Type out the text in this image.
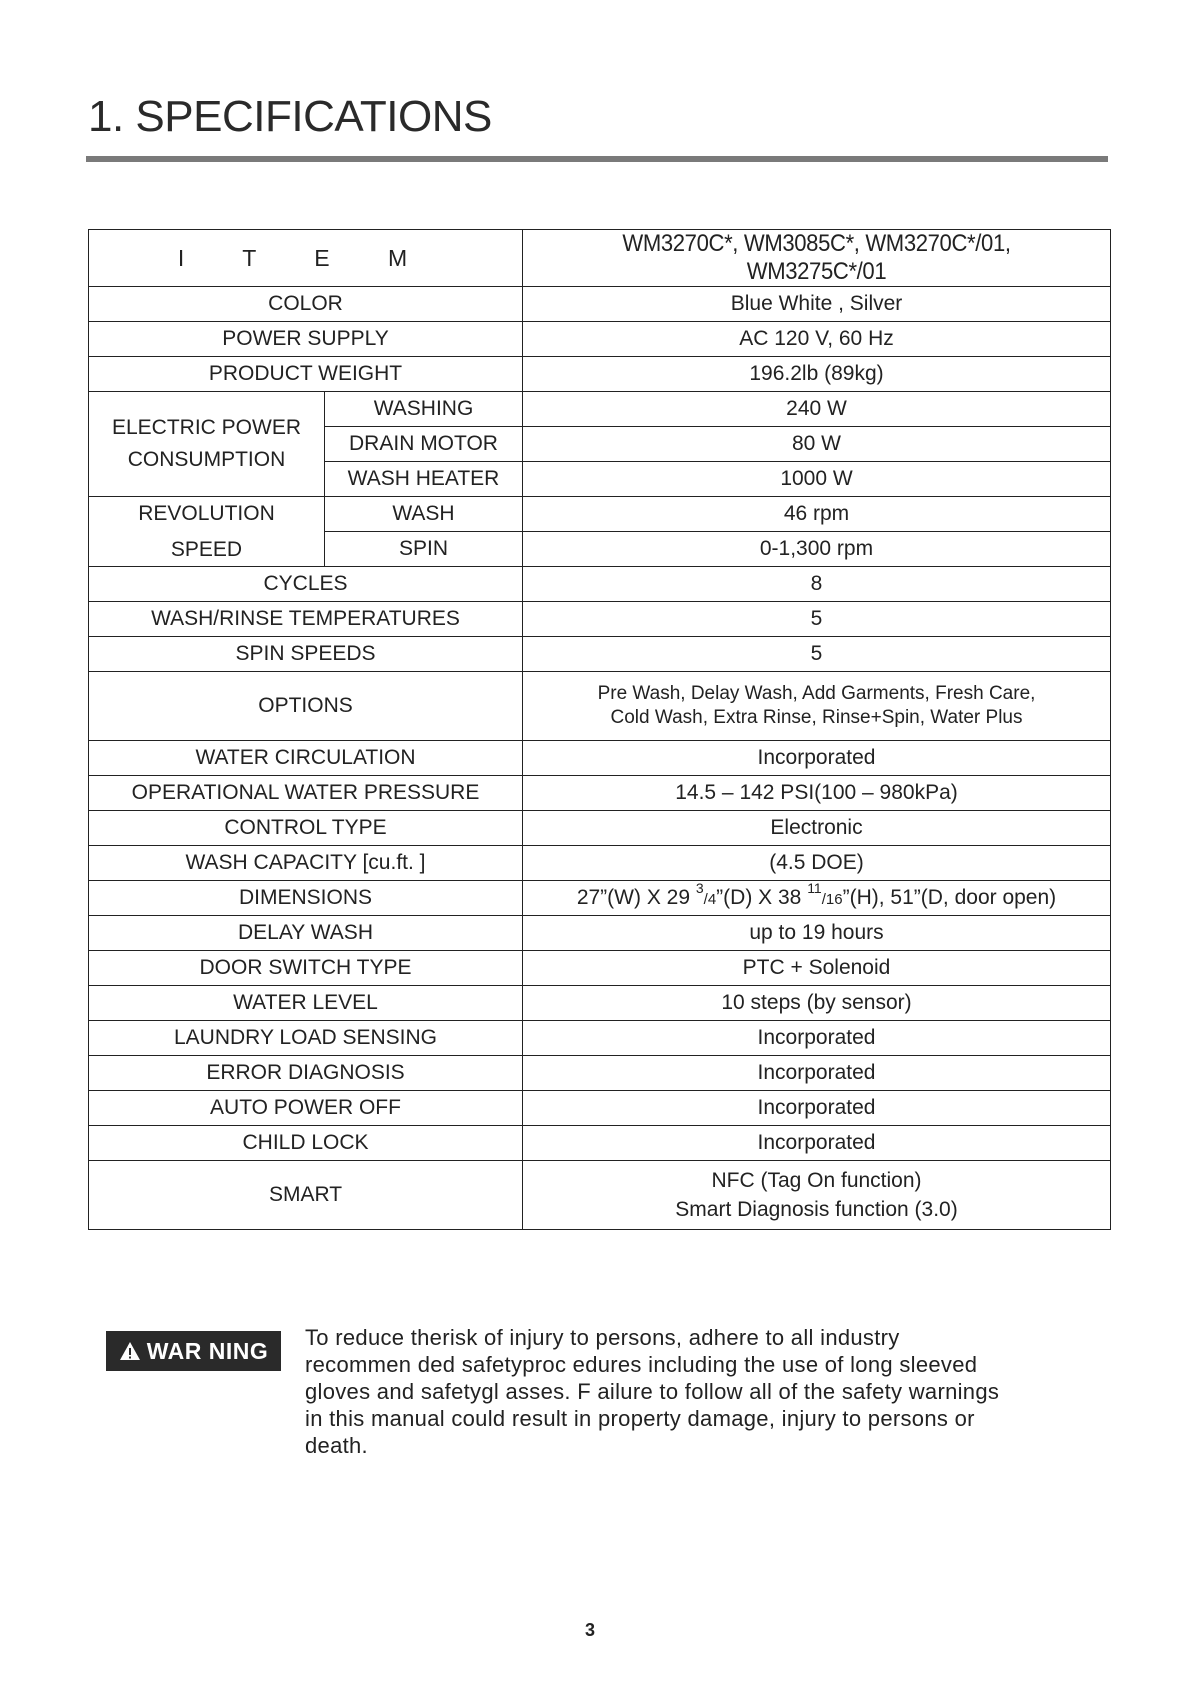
1. SPECIFICATIONS
I T E M		WM3270C*, WM3085C*, WM3270C*/01, WM3275C*/01
COLOR		Blue White , Silver
POWER SUPPLY		AC 120 V, 60 Hz
PRODUCT WEIGHT		196.2lb (89kg)

ELECTRIC POWER
CONSUMPTION	WASHING	240 W
	DRAIN MOTOR	80 W
	WASH HEATER	1000 W

REVOLUTION
SPEED	WASH	46 rpm
	SPIN	0-1,300 rpm
CYCLES		8
WASH/RINSE TEMPERATURES		5
SPIN SPEEDS		5
OPTIONS		Pre Wash, Delay Wash, Add Garments, Fresh Care,
Cold Wash, Extra Rinse, Rinse+Spin, Water Plus

WATER CIRCULATION		Incorporated
OPERATIONAL WATER PRESSURE		14.5 – 142 PSI(100 – 980kPa)
CONTROL TYPE		Electronic
WASH CAPACITY [cu.ft. ]		(4.5 DOE)
DIMENSIONS		27”(W) X 29 $^3$/4”(D) X 38 $^{11}$/16”(H), 51”(D, door open)
DELAY WASH		up to 19 hours
DOOR SWITCH TYPE		PTC + Solenoid
WATER LEVEL		10 steps (by sensor)
LAUNDRY LOAD SENSING		Incorporated
ERROR DIAGNOSIS		Incorporated
AUTO POWER OFF		Incorporated
CHILD LOCK		Incorporated
SMART		NFC (Tag On function)
Smart Diagnosis function (3.0)
WAR NING To reduce therisk of injury to persons, adhere to all industry recommen ded safetyproc edures including the use of long sleeved gloves and safetygl asses. F ailure to follow all of the safety warnings in this manual could result in property damage, injury to persons or death.

3
